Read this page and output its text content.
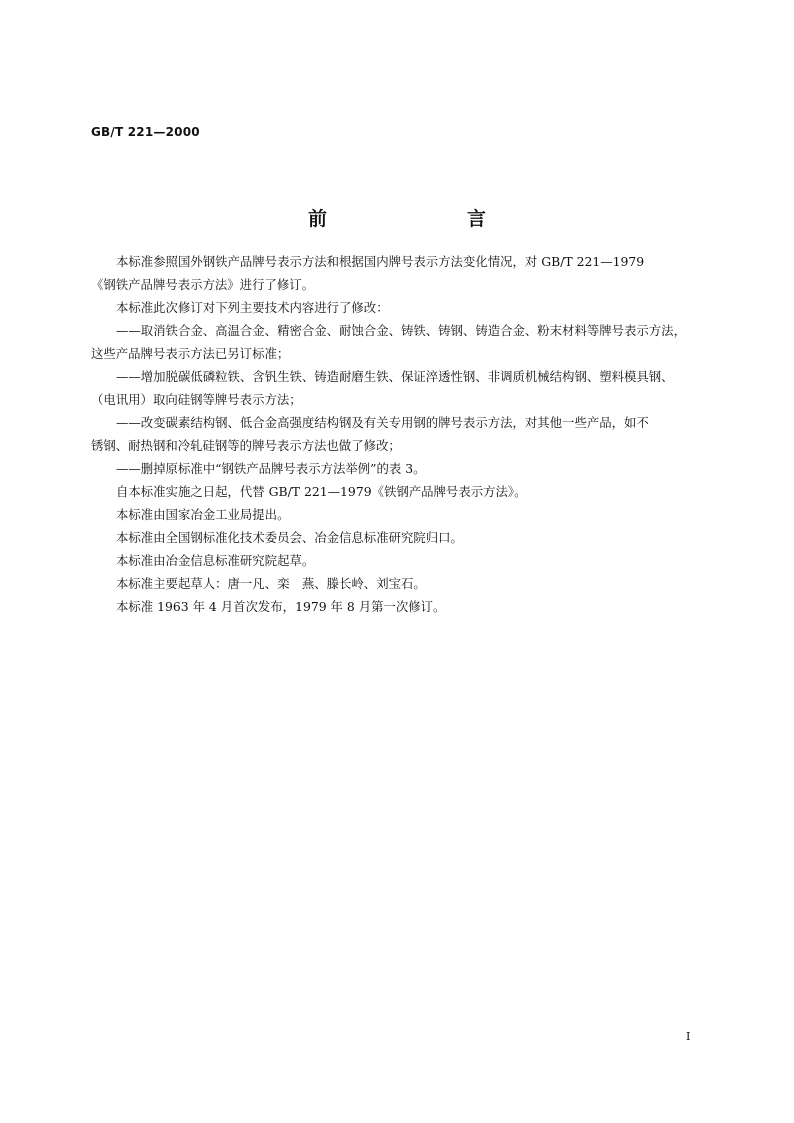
GB/T 221—2000
前　　言

本标准参照国外钢铁产品牌号表示方法和根据国内牌号表示方法变化情况，对 GB/T 221—1979

《钢铁产品牌号表示方法》进行了修订。

本标准此次修订对下列主要技术内容进行了修改：

——取消铁合金、高温合金、精密合金、耐蚀合金、铸铁、铸钢、铸造合金、粉末材料等牌号表示方法，

这些产品牌号表示方法已另订标准；

——增加脱碳低磷粒铁、含钒生铁、铸造耐磨生铁、保证淬透性钢、非调质机械结构钢、塑料模具钢、

（电讯用）取向硅钢等牌号表示方法；

——改变碳素结构钢、低合金高强度结构钢及有关专用钢的牌号表示方法，对其他一些产品，如不

锈钢、耐热钢和冷轧硅钢等的牌号表示方法也做了修改；

——删掉原标准中“钢铁产品牌号表示方法举例”的表 3。

自本标准实施之日起，代替 GB/T 221—1979《铁钢产品牌号表示方法》。

本标准由国家冶金工业局提出。

本标准由全国钢标准化技术委员会、冶金信息标准研究院归口。

本标准由冶金信息标准研究院起草。

本标准主要起草人：唐一凡、栾　燕、滕长岭、刘宝石。

本标准 1963 年 4 月首次发布，1979 年 8 月第一次修订。

I
